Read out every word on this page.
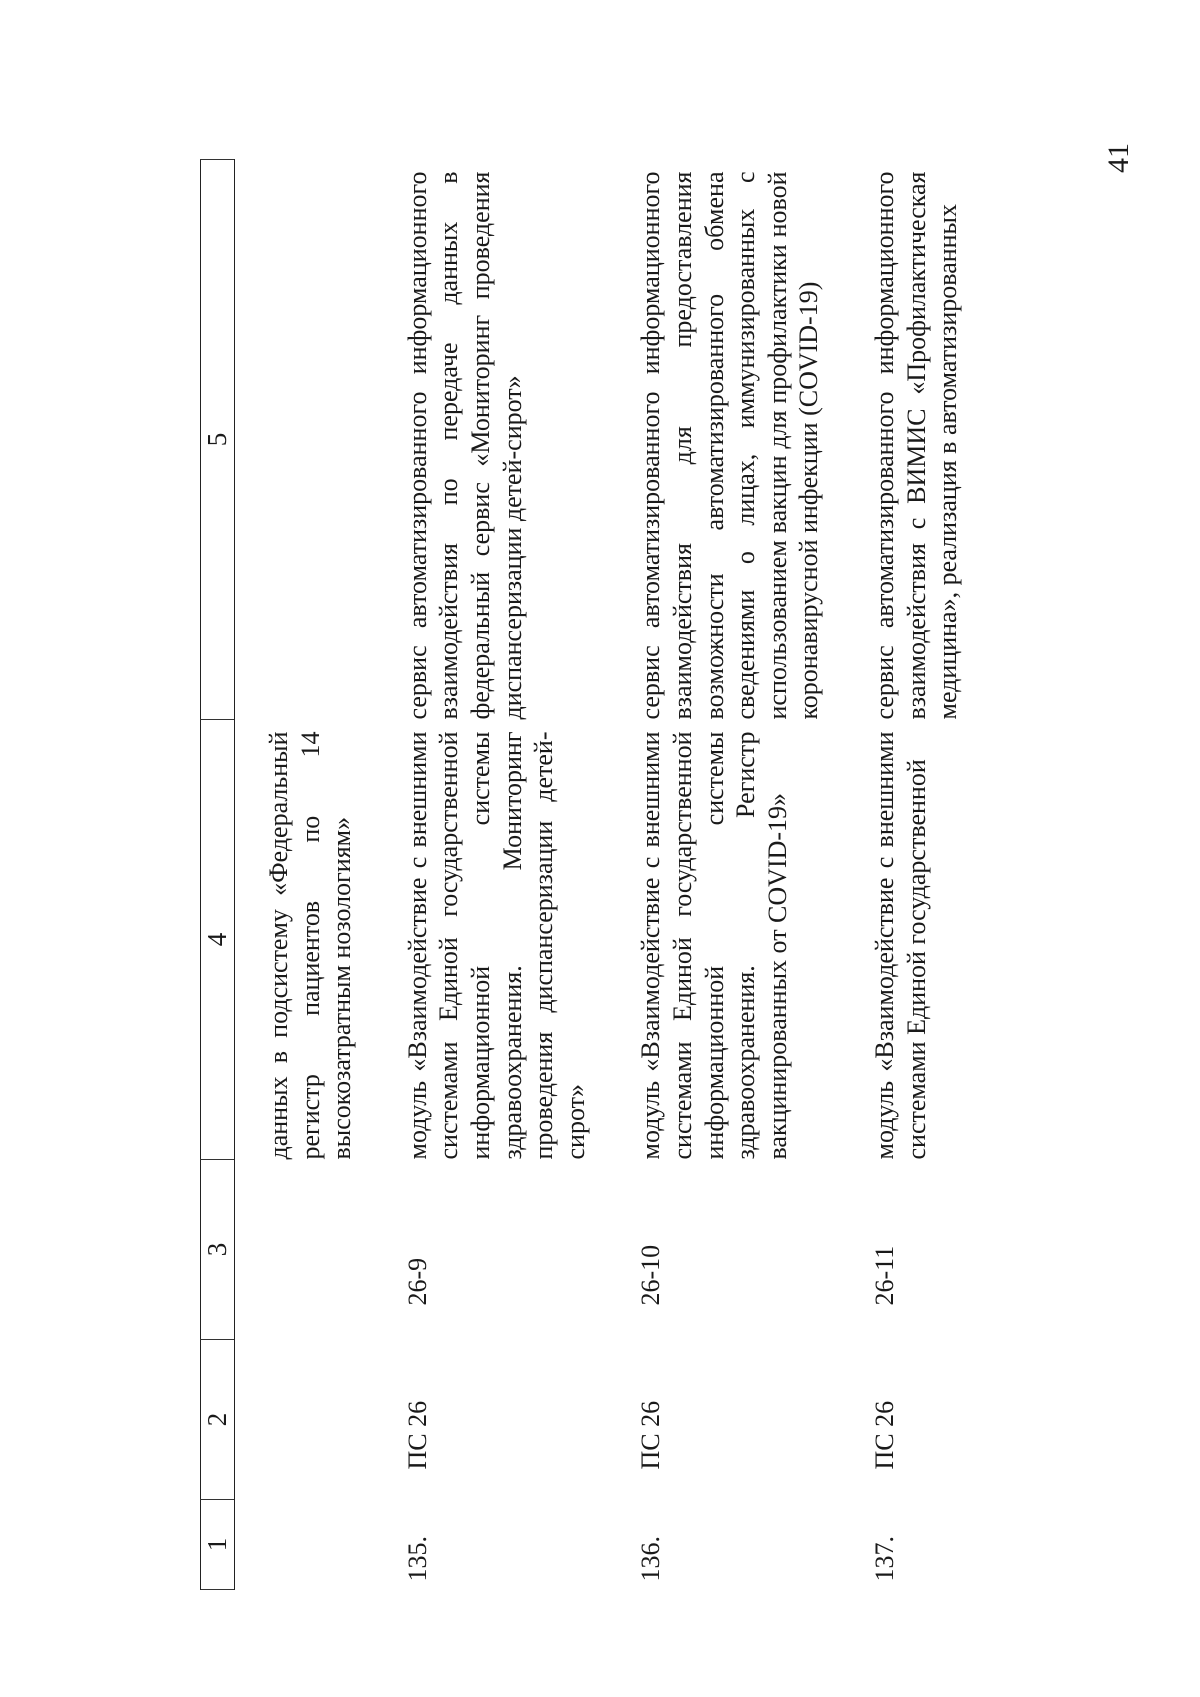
41
1	2	3	4	5
			данных в подсистему «Федеральный регистр пациентов по 14 высокозатратным нозологиям»	

135.	ПС 26	26-9	модуль «Взаимодействие с внешними системами Единой государственной информационной системы здравоохранения. Мониторинг проведения диспансеризации детей-сирот»	сервис автоматизированного информационного взаимодействия по передаче данных в федеральный сервис «Мониторинг проведения диспансеризации детей-сирот»

136.	ПС 26	26-10	модуль «Взаимодействие с внешними системами Единой государственной информационной системы здравоохранения. Регистр вакцинированных от COVID-19»	сервис автоматизированного информационного взаимодействия для предоставления возможности автоматизированного обмена сведениями о лицах, иммунизированных с использованием вакцин для профилактики новой коронавирусной инфекции (COVID-19)

137.	ПС 26	26-11	модуль «Взаимодействие с внешними системами Единой государственной	сервис автоматизированного информационного взаимодействия с ВИМИС «Профилактическая медицина», реализация в автоматизированных
